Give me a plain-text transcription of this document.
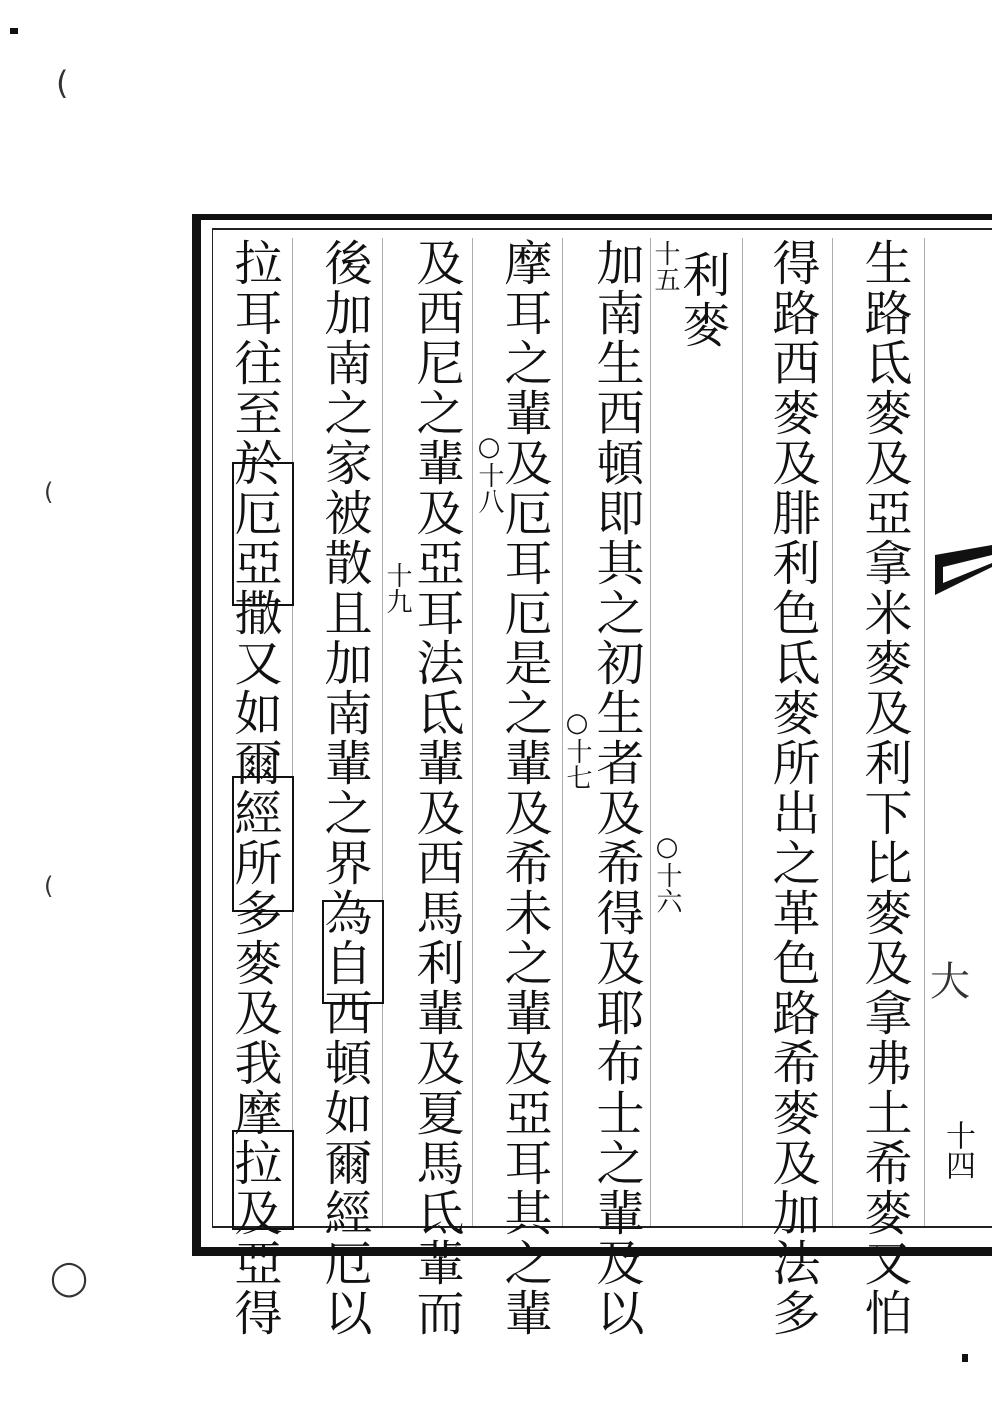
(
(
(
◯
大
十四
生路氐麥及亞拿米麥及利下比麥及拿弗土希麥又怕
得路西麥及腓利色氐麥所出之革色路希麥及加法多
利麥
加南生西頓即其之初生者及希得及耶布士之輩及以
摩耳之輩及厄耳厄是之輩及希未之輩及亞耳其之輩
及西尼之輩及亞耳法氐輩及西馬利輩及夏馬氐輩而
後加南之家被散且加南輩之界為自西頓如爾經厄以
拉耳往至於厄亞撒又如爾經所多麥及我摩拉及亞得	十五
○十六
○十七
○十八
十九
